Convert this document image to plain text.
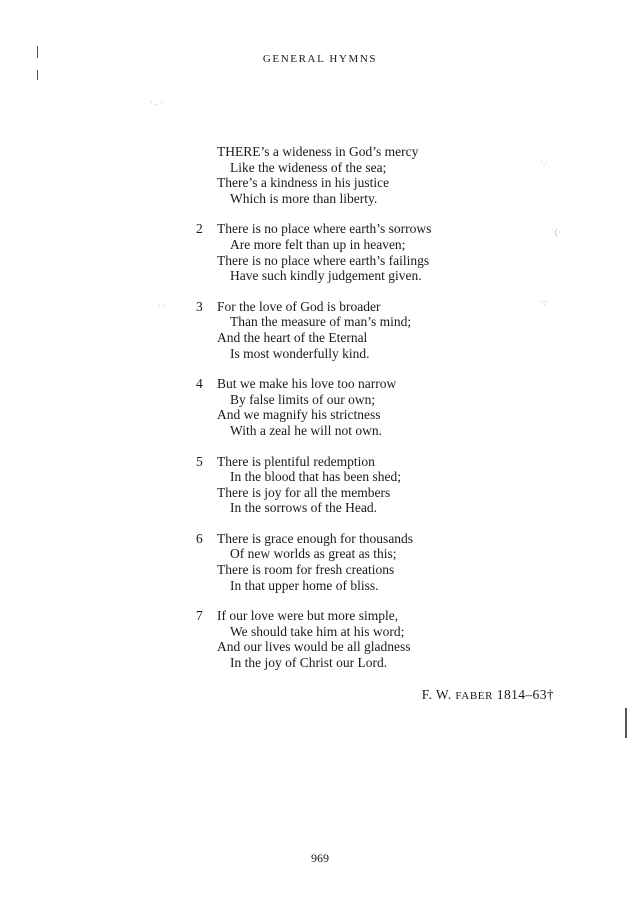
· . ·
·.·
·(·
·:·
· ·
GENERAL HYMNS
THERE’s a wideness in God’s mercy
Like the wideness of the sea;
There’s a kindness in his justice
Which is more than liberty.
2	There is no place where earth’s sorrows
Are more felt than up in heaven;
There is no place where earth’s failings
Have such kindly judgement given.
3	For the love of God is broader
Than the measure of man’s mind;
And the heart of the Eternal
Is most wonderfully kind.
4	But we make his love too narrow
By false limits of our own;
And we magnify his strictness
With a zeal he will not own.
5	There is plentiful redemption
In the blood that has been shed;
There is joy for all the members
In the sorrows of the Head.
6	There is grace enough for thousands
Of new worlds as great as this;
There is room for fresh creations
In that upper home of bliss.
7	If our love were but more simple,
We should take him at his word;
And our lives would be all gladness
In the joy of Christ our Lord.
F. W. FABER 1814–63†
969
